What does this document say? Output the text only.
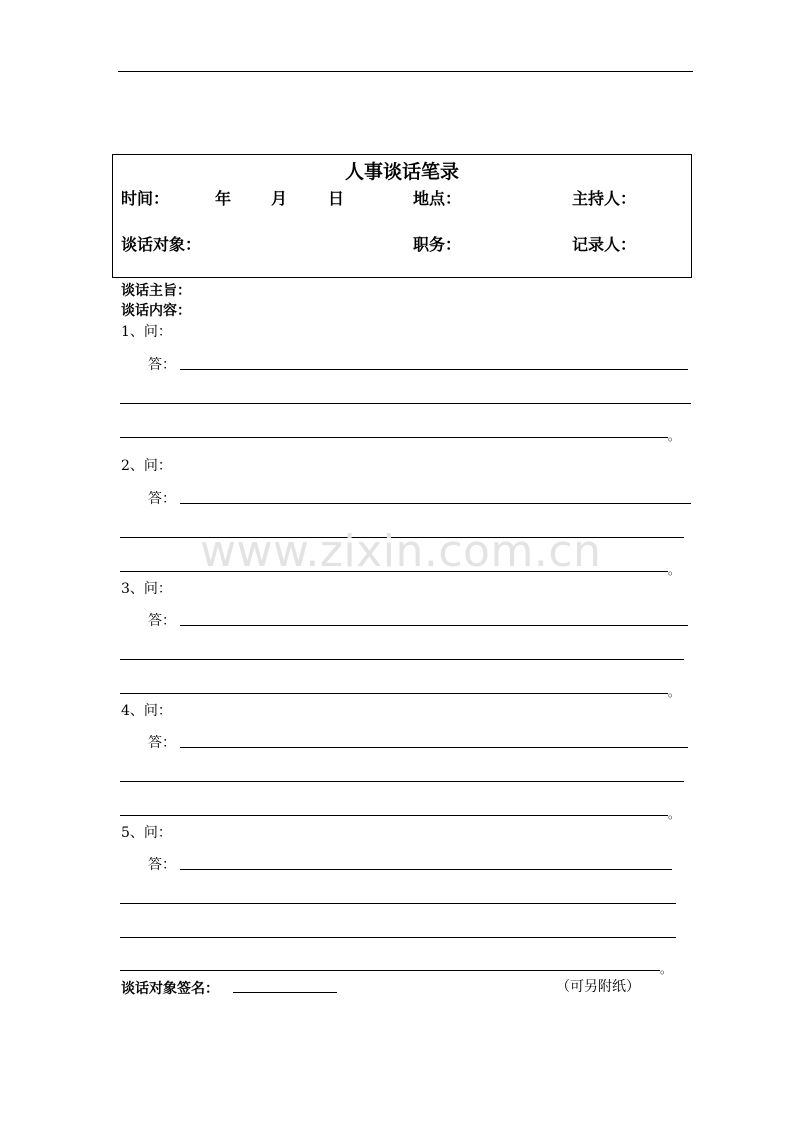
人事谈话笔录
时间：	年 月	日	地点：	主持人：
谈话对象：	职务：	记录人：
谈话主旨：
谈话内容：
1、问：
答：
。
2、问：
答：
。
3、问：
答：
。
4、问：
答：
。
5、问：
答：
。
谈话对象签名：	（可另附纸）
www.zixin.com.cn
